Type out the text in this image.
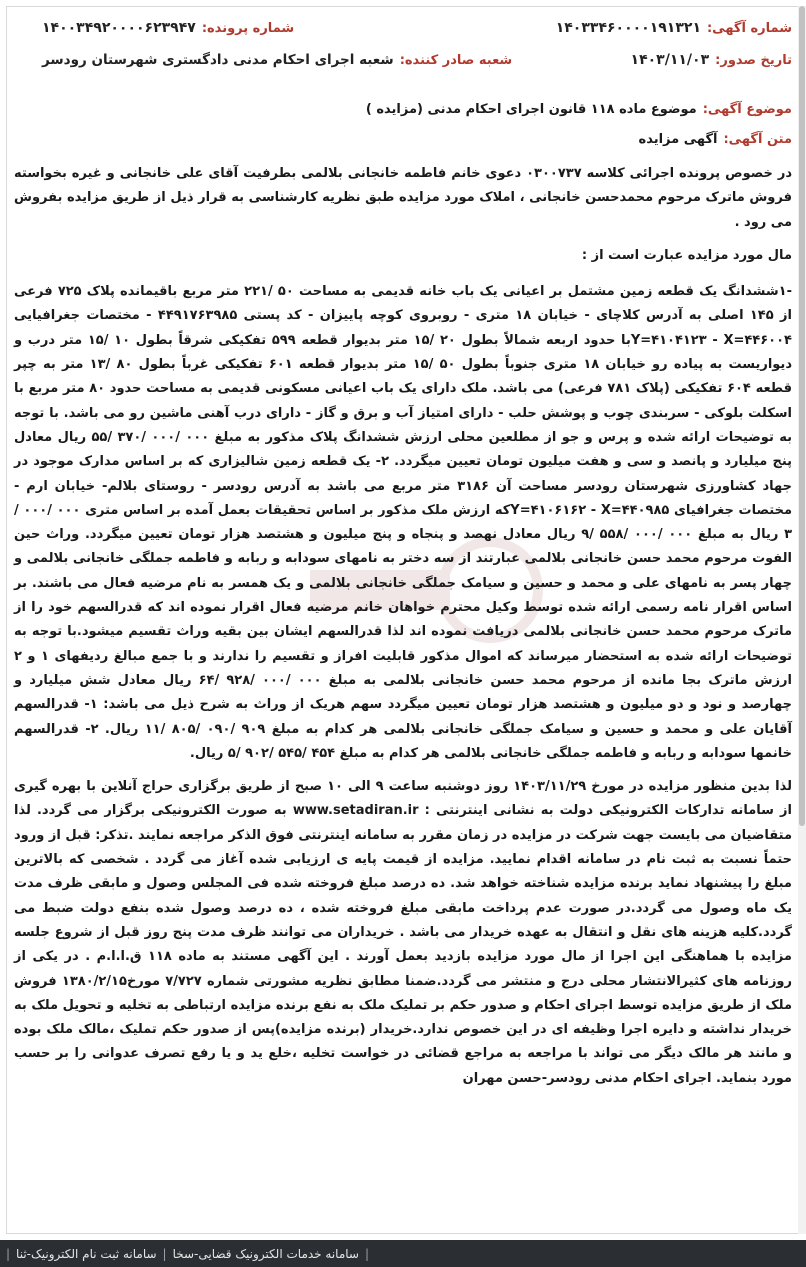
شماره آگهی:
۱۴۰۳۳۴۶۰۰۰۰۱۹۱۳۲۱
شماره پرونده:
۱۴۰۰۳۴۹۲۰۰۰۰۶۲۳۹۴۷
تاریخ صدور:
۱۴۰۳/۱۱/۰۳
شعبه صادر کننده:
شعبه اجرای احکام مدنی دادگستری شهرستان رودسر
موضوع آگهی:
موضوع ماده ۱۱۸ قانون اجرای احکام مدنی (مزایده )
متن آگهی:
آگهی مزایده

در خصوص پرونده اجرائی کلاسه ۰۳۰۰۷۳۷ دعوی خانم فاطمه خانجانی بلالمی بطرفیت آقای علی خانجانی و غیره بخواسته فروش ماترک مرحوم محمدحسن خانجانی ، املاک مورد مزایده طبق نظریه کارشناسی به قرار ذیل از طریق مزایده بفروش می رود .

مال مورد مزایده عبارت است از :

-۱ششدانگ یک قطعه زمین مشتمل بر اعیانی یک باب خانه قدیمی به مساحت ۵۰ /۲۲۱ متر مربع باقیمانده پلاک ۷۲۵ فرعی از ۱۴۵ اصلی به آدرس کلاچای - خیابان ۱۸ متری - روبروی کوچه پاییزان - کد پستی ۴۴۹۱۷۶۳۹۸۵ - مختصات جغرافیایی Y=۴۱۰۴۱۲۳ - X=۴۴۶۰۰۴با حدود اربعه شمالاً بطول ۲۰ /۱۵ متر بدیوار قطعه ۵۹۹ تفکیکی شرقاً بطول ۱۰ /۱۵ متر درب و دیواریست به پیاده رو خیابان ۱۸ متری جنوباً بطول ۵۰ /۱۵ متر بدیوار قطعه ۶۰۱ تفکیکی غرباً بطول ۸۰ /۱۳ متر به چپر قطعه ۶۰۴ تفکیکی (پلاک ۷۸۱ فرعی) می باشد. ملک دارای یک باب اعیانی مسکونی قدیمی به مساحت حدود ۸۰ متر مربع با اسکلت بلوکی - سربندی چوب و پوشش حلب - دارای امتیاز آب و برق و گاز - دارای درب آهنی ماشین رو می باشد. با توجه به توضیحات ارائه شده و پرس و جو از مطلعین محلی ارزش ششدانگ پلاک مذکور به مبلغ ۰۰۰ /۰۰۰ /۳۷۰ /۵۵ ریال معادل پنج میلیارد و پانصد و سی و هفت میلیون تومان تعیین میگردد. ۲- یک قطعه زمین شالیزاری که بر اساس مدارک موجود در جهاد کشاورزی شهرستان رودسر مساحت آن ۳۱۸۶ متر مربع می باشد به آدرس رودسر - روستای بلالم- خیابان ارم - مختصات جغرافیای Y=۴۱۰۶۱۶۲ - X=۴۴۰۹۸۵که ارزش ملک مذکور بر اساس تحقیقات بعمل آمده بر اساس متری ۰۰۰ /۰۰۰ /۳ ریال به مبلغ ۰۰۰ /۰۰۰ /۵۵۸ /۹ ریال معادل نهصد و پنجاه و پنج میلیون و هشتصد هزار تومان تعیین میگردد. وراث حین الفوت مرحوم محمد حسن خانجانی بلالمی عبارتند از سه دختر به نامهای سودابه و ربابه و فاطمه جملگی خانجانی بلالمی و چهار پسر به نامهای علی و محمد و حسین و سیامک جملگی خانجانی بلالمی و یک همسر به نام مرضیه فعال می باشند. بر اساس اقرار نامه رسمی ارائه شده توسط وکیل محترم خواهان خانم مرضیه فعال اقرار نموده اند که قدرالسهم خود را از ماترک مرحوم محمد حسن خانجانی بلالمی دریافت نموده اند لذا قدرالسهم ایشان بین بقیه وراث تقسیم میشود.با توجه به توضیحات ارائه شده به استحضار میرساند که اموال مذکور قابلیت افراز و تقسیم را ندارند و با جمع مبالغ ردیفهای ۱ و ۲ ارزش ماترک بجا مانده از مرحوم محمد حسن خانجانی بلالمی به مبلغ ۰۰۰ /۰۰۰ /۹۲۸ /۶۴ ریال معادل شش میلیارد و چهارصد و نود و دو میلیون و هشتصد هزار تومان تعیین میگردد سهم هریک از وراث به شرح ذیل می باشد: ۱- قدرالسهم آقایان علی و محمد و حسین و سیامک جملگی خانجانی بلالمی هر کدام به مبلغ ۹۰۹ /۰۹۰ /۸۰۵ /۱۱ ریال. ۲- قدرالسهم خانمها سودابه و ربابه و فاطمه جملگی خانجانی بلالمی هر کدام به مبلغ ۴۵۴ /۵۴۵ /۹۰۲ /۵ ریال.

لذا بدین منظور مزایده در مورخ ۱۴۰۳/۱۱/۲۹ روز دوشنبه ساعت ۹ الی ۱۰ صبح از طریق برگزاری حراج آنلاین با بهره گیری از سامانه تدارکات الکترونیکی دولت به نشانی اینترنتی : www.setadiran.ir به صورت الکترونیکی برگزار می گردد. لذا متقاضیان می بایست جهت شرکت در مزایده در زمان مقرر به سامانه اینترنتی فوق الذکر مراجعه نمایند .تذکر: قبل از ورود حتماً نسبت به ثبت نام در سامانه اقدام نمایید. مزایده از قیمت پایه ی ارزیابی شده آغاز می گردد . شخصی که بالاترین مبلغ را پیشنهاد نماید برنده مزایده شناخته خواهد شد. ده درصد مبلغ فروخته شده فی المجلس وصول و مابقی ظرف مدت یک ماه وصول می گردد.در صورت عدم پرداخت مابقی مبلغ فروخته شده ، ده درصد وصول شده بنفع دولت ضبط می گردد.کلیه هزینه های نقل و انتقال به عهده خریدار می باشد . خریداران می توانند ظرف مدت پنج روز قبل از شروع جلسه مزایده با هماهنگی این اجرا از مال مورد مزایده بازدید بعمل آورند . این آگهی مستند به ماده ۱۱۸ ق.ا.ا.م . در یکی از روزنامه های کثیرالانتشار محلی درج و منتشر می گردد.ضمنا مطابق نظریه مشورتی شماره ۷/۷۲۷ مورخ۱۳۸۰/۲/۱۵ فروش ملک از طریق مزایده توسط اجرای احکام و صدور حکم بر تملیک ملک به نفع برنده مزایده ارتباطی به تخلیه و تحویل ملک به خریدار نداشته و دایره اجرا وظیفه ای در این خصوص ندارد.خریدار (برنده مزایده)پس از صدور حکم تملیک ،مالک ملک بوده و مانند هر مالک دیگر می تواند با مراجعه به مراجع قضائی در خواست تخلیه ،خلع ید و یا رفع تصرف عدوانی را بر حسب مورد بنماید. اجرای احکام مدنی رودسر-حسن مهران

|
سامانه خدمات الکترونیک قضایی-سخا
|
سامانه ثبت نام الکترونیک-ثنا
|
